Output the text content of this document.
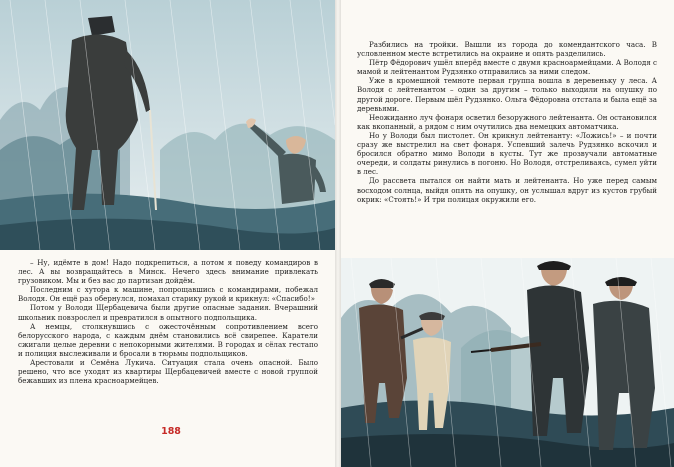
Разбились на тройки. Вышли из города до комендантского часа. В условленном месте встретились на окраине и опять разделились.

Пётр Фёдорович ушёл вперёд вместе с двумя красноармейцами. А Володя с мамой и лейтенантом Рудзянко отправились за ними следом.

Уже в кромешной темноте первая группа вошла в деревеньку у леса. А Володя с лейтенантом – один за другим – только выходили на опушку по другой дороге. Первым шёл Рудзянко. Ольга Фёдоровна отстала и была ещё за деревьями.

Неожиданно луч фонаря осветил безоружного лейтенанта. Он остановился как вкопанный, а рядом с ним очутились два немецких автоматчика.

Но у Володи был пистолет. Он крикнул лейтенанту: «Ложись!» – и почти сразу же выстрелил на свет фонаря. Успевший залечь Рудзянко вскочил и бросился обратно мимо Володи в кусты. Тут же прозвучали автоматные очереди, и солдаты ринулись в погоню. Но Володя, отстреливаясь, сумел уйти в лес.

До рассвета пытался он найти мать и лейтенанта. Но уже перед самым восходом солнца, выйдя опять на опушку, он услышал вдруг из кустов грубый окрик: «Стоять!» И три полицая окружили его.

– Ну, идёмте в дом! Надо подкрепиться, а потом я поведу командиров в лес. А вы возвращайтесь в Минск. Нечего здесь внимание привлекать грузовиком. Мы и без вас до партизан дойдём.

Последним с хутора к машине, попрощавшись с командирами, побежал Володя. Он ещё раз обернулся, помахал старику рукой и крикнул: «Спасибо!»

Потом у Володи Щербацевича были другие опасные задания. Вчерашний школьник повзрослел и превратился в опытного подпольщика.

А немцы, столкнувшись с ожесточённым сопротивлением всего белорусского народа, с каждым днём становились всё свирепее. Каратели сжигали целые деревни с непокорными жителями. В городах и сёлах гестапо и полиция выслеживали и бросали в тюрьмы подпольщиков.

Арестовали и Семёна Лукича. Ситуация стала очень опасной. Было решено, что все уходят из квартиры Щербацевичей вместе с новой группой бежавших из плена красноармейцев.

188
